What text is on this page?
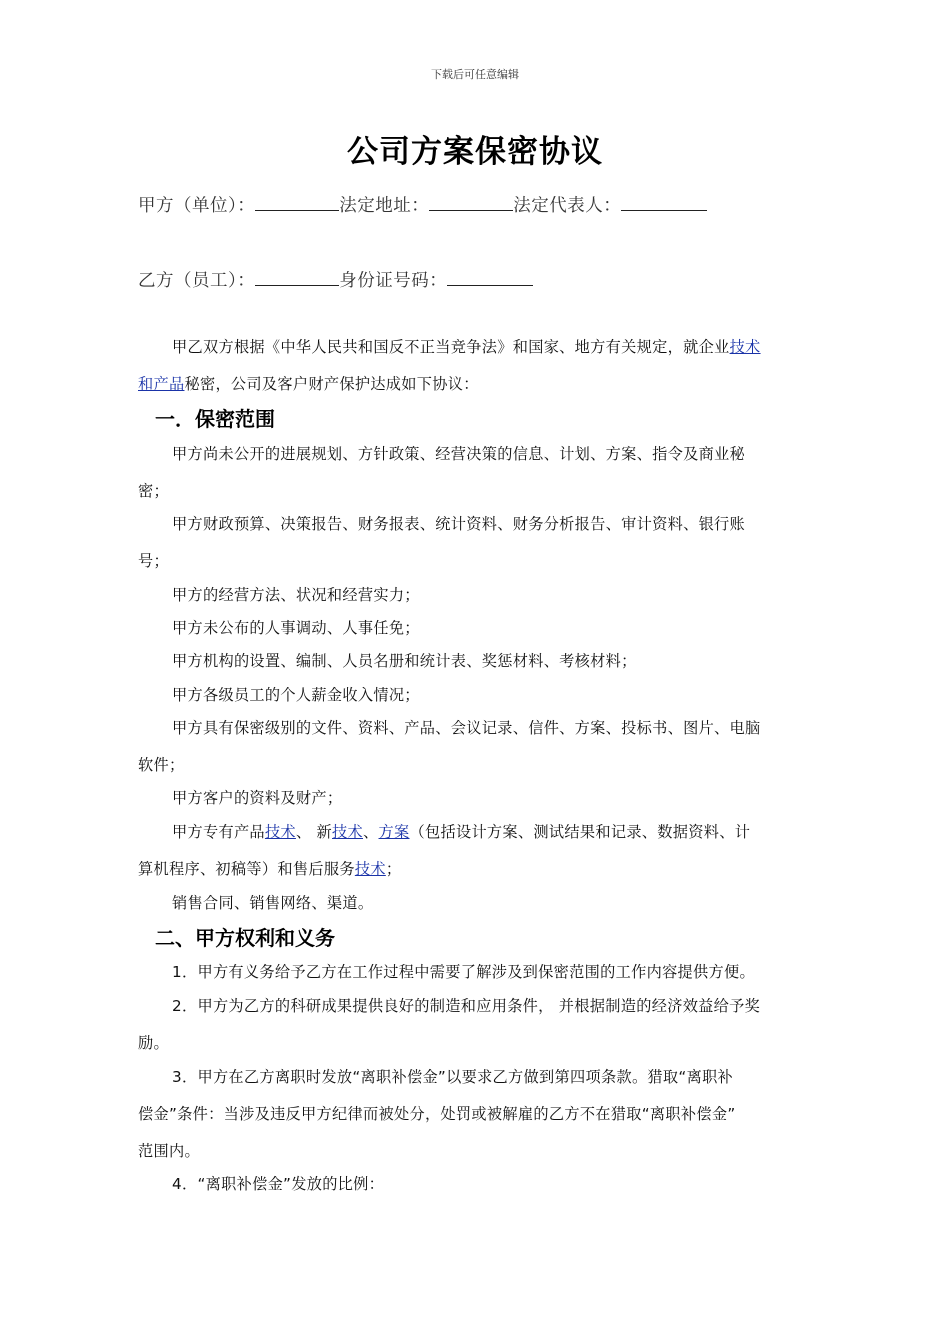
下载后可任意编辑
公司方案保密协议
甲方（单位）：	法定地址：	法定代表人：
乙方（员工）：	身份证号码：
甲乙双方根据《中华人民共和国反不正当竞争法》和国家、地方有关规定，就企业技术
和产品秘密，公司及客户财产保护达成如下协议：
一．保密范围
甲方尚未公开的进展规划、方针政策、经营决策的信息、计划、方案、指令及商业秘
密；
甲方财政预算、决策报告、财务报表、统计资料、财务分析报告、审计资料、银行账
号；
甲方的经营方法、状况和经营实力；
甲方未公布的人事调动、人事任免；
甲方机构的设置、编制、人员名册和统计表、奖惩材料、考核材料；
甲方各级员工的个人薪金收入情况；
甲方具有保密级别的文件、资料、产品、会议记录、信件、方案、投标书、图片、电脑
软件；
甲方客户的资料及财产；
甲方专有产品技术、 新技术、方案（包括设计方案、测试结果和记录、数据资料、计
算机程序、初稿等）和售后服务技术；
销售合同、销售网络、渠道。
二、甲方权利和义务
1．甲方有义务给予乙方在工作过程中需要了解涉及到保密范围的工作内容提供方便。
2．甲方为乙方的科研成果提供良好的制造和应用条件， 并根据制造的经济效益给予奖
励。
3．甲方在乙方离职时发放“离职补偿金”以要求乙方做到第四项条款。猎取“离职补
偿金”条件：当涉及违反甲方纪律而被处分，处罚或被解雇的乙方不在猎取“离职补偿金”
范围内。
4．“离职补偿金”发放的比例：
